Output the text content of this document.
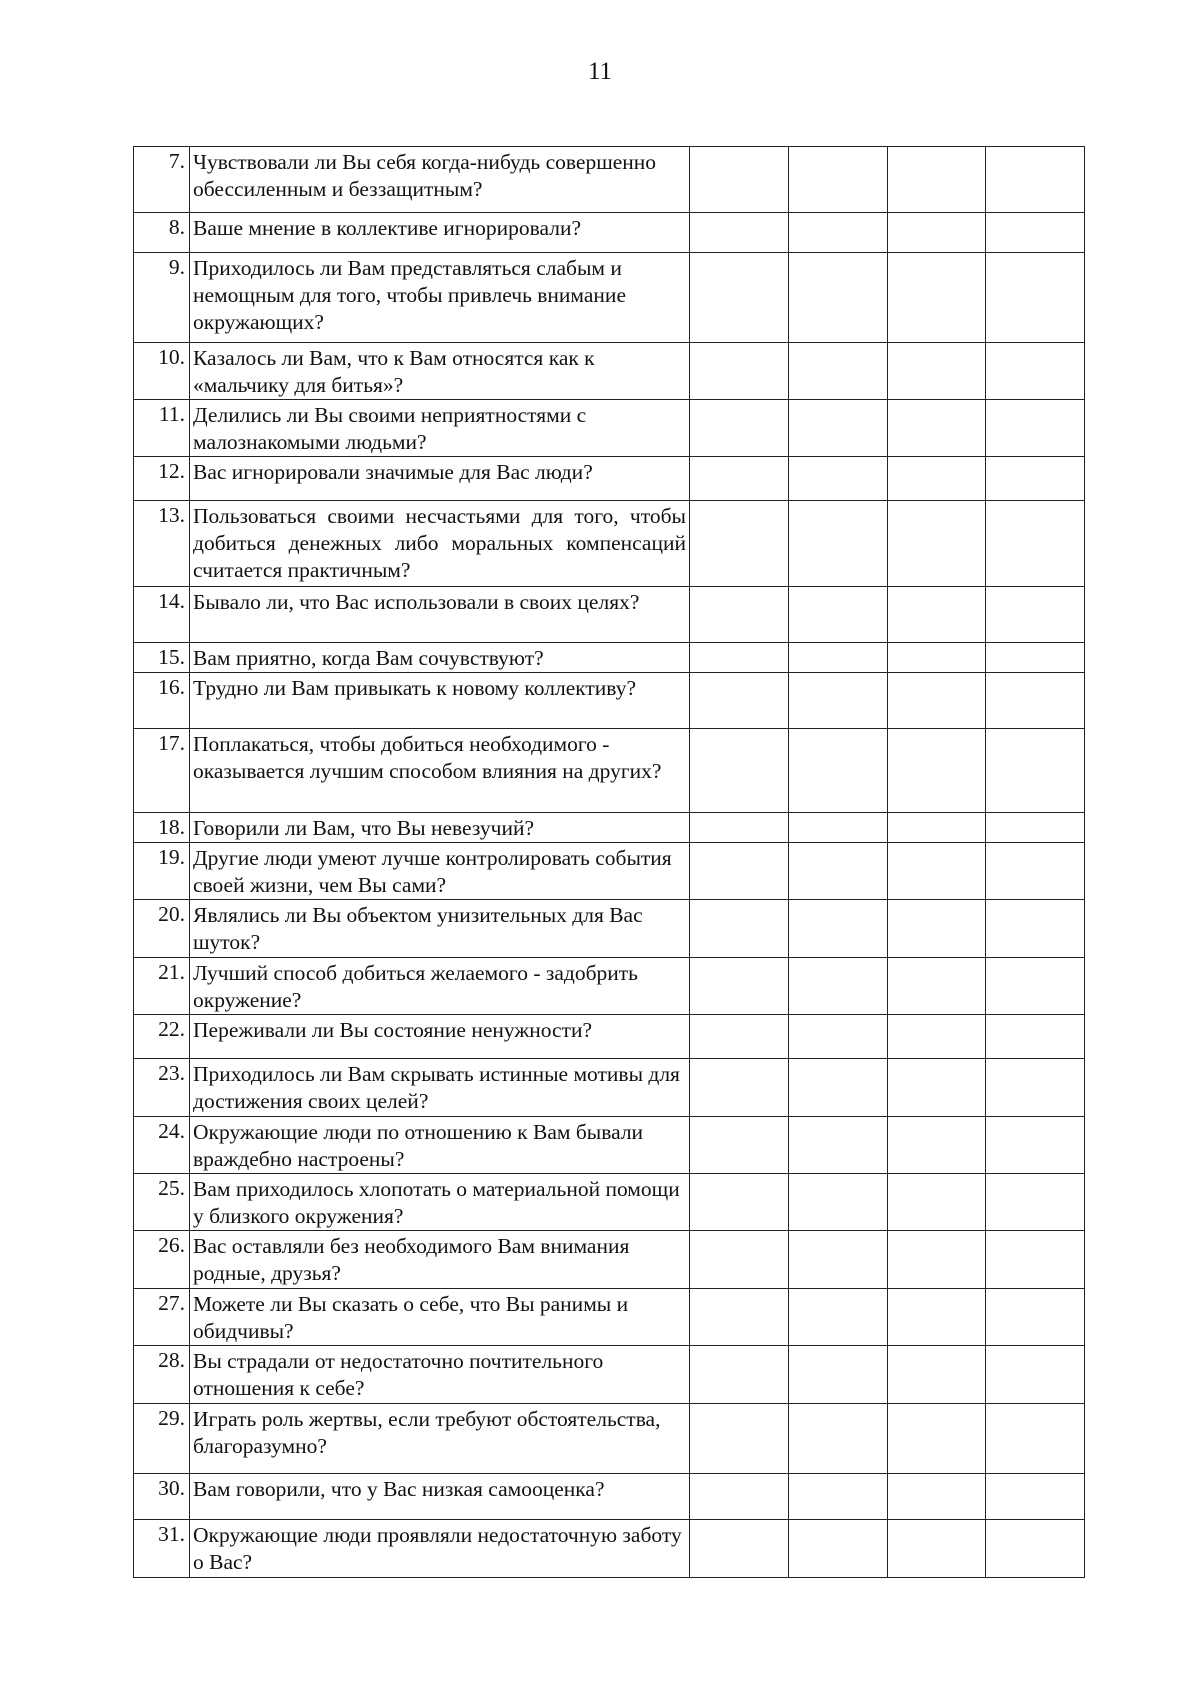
11
7.	Чувствовали ли Вы себя когда-нибудь совершенно обессиленным и беззащитным?				
8.	Ваше мнение в коллективе игнорировали?				
9.	Приходилось ли Вам представляться слабым и немощным для того, чтобы привлечь внимание окружающих?				
10.	Казалось ли Вам, что к Вам относятся как к «мальчику для битья»?				
11.	Делились ли Вы своими неприятностями с малознакомыми людьми?				
12.	Вас игнорировали значимые для Вас люди?				
13.	Пользоваться своими несчастьями для того, чтобы добиться денежных либо моральных компенсаций считается практичным?				
14.	Бывало ли, что Вас использовали в своих целях?				
15.	Вам приятно, когда Вам сочувствуют?				
16.	Трудно ли Вам привыкать к новому коллективу?				
17.	Поплакаться, чтобы добиться необходимого - оказывается лучшим способом влияния на других?				
18.	Говорили ли Вам, что Вы невезучий?				
19.	Другие люди умеют лучше контролировать события своей жизни, чем Вы сами?				
20.	Являлись ли Вы объектом унизительных для Вас шуток?				
21.	Лучший способ добиться желаемого - задобрить окружение?				
22.	Переживали ли Вы состояние ненужности?				
23.	Приходилось ли Вам скрывать истинные мотивы для достижения своих целей?				
24.	Окружающие люди по отношению к Вам бывали враждебно настроены?				
25.	Вам приходилось хлопотать о материальной помощи у близкого окружения?				
26.	Вас оставляли без необходимого Вам внимания родные, друзья?				
27.	Можете ли Вы сказать о себе, что Вы ранимы и обидчивы?				
28.	Вы страдали от недостаточно почтительного отношения к себе?				
29.	Играть роль жертвы, если требуют обстоятельства, благоразумно?				
30.	Вам говорили, что у Вас низкая самооценка?				
31.	Окружающие люди проявляли недостаточную заботу о Вас?				
